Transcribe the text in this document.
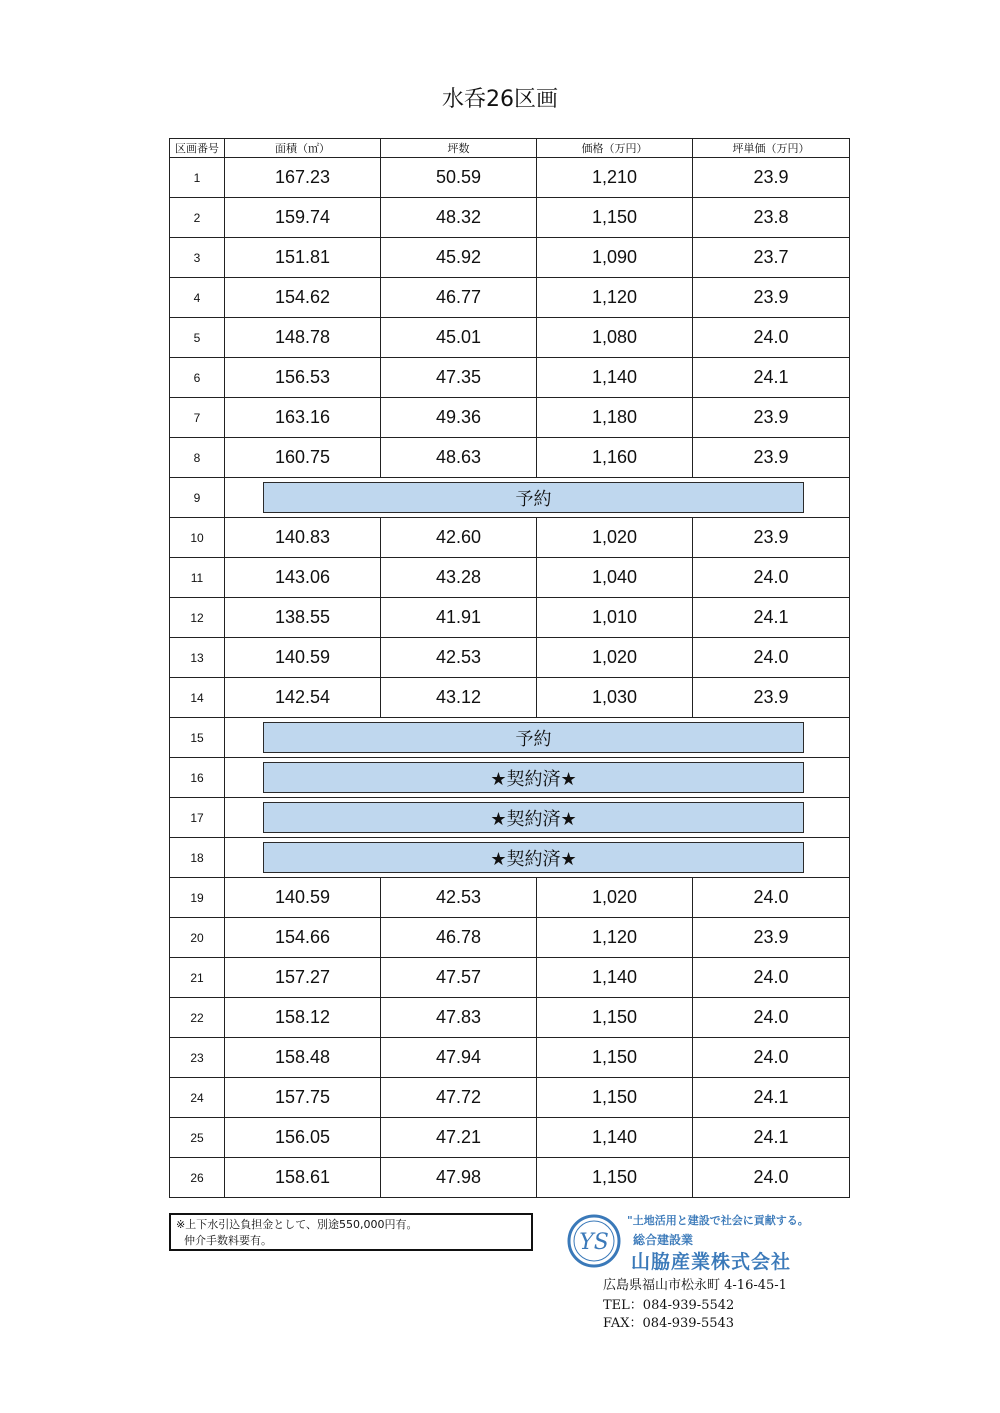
水呑26区画
区画番号	面積（㎡）	坪数	価格（万円）	坪単価（万円）
1	167.23	50.59	1,210	23.9
2	159.74	48.32	1,150	23.8
3	151.81	45.92	1,090	23.7
4	154.62	46.77	1,120	23.9
5	148.78	45.01	1,080	24.0
6	156.53	47.35	1,140	24.1
7	163.16	49.36	1,180	23.9
8	160.75	48.63	1,160	23.9
9	予約			

10	140.83	42.60	1,020	23.9
11	143.06	43.28	1,040	24.0
12	138.55	41.91	1,010	24.1
13	140.59	42.53	1,020	24.0
14	142.54	43.12	1,030	23.9
15	予約			

16	★契約済★			

17	★契約済★			

18	★契約済★			

19	140.59	42.53	1,020	24.0
20	154.66	46.78	1,120	23.9
21	157.27	47.57	1,140	24.0
22	158.12	47.83	1,150	24.0
23	158.48	47.94	1,150	24.0
24	157.75	47.72	1,150	24.1
25	156.05	47.21	1,140	24.1
26	158.61	47.98	1,150	24.0
※上下水引込負担金として、別途550,000円有。
仲介手数料要有。	YS
"土地活用と建設で社会に貢献する。
総合建設業
山脇産業株式会社
広島県福山市松永町 4-16-45-1
TEL：084-939-5542
FAX：084-939-5543
